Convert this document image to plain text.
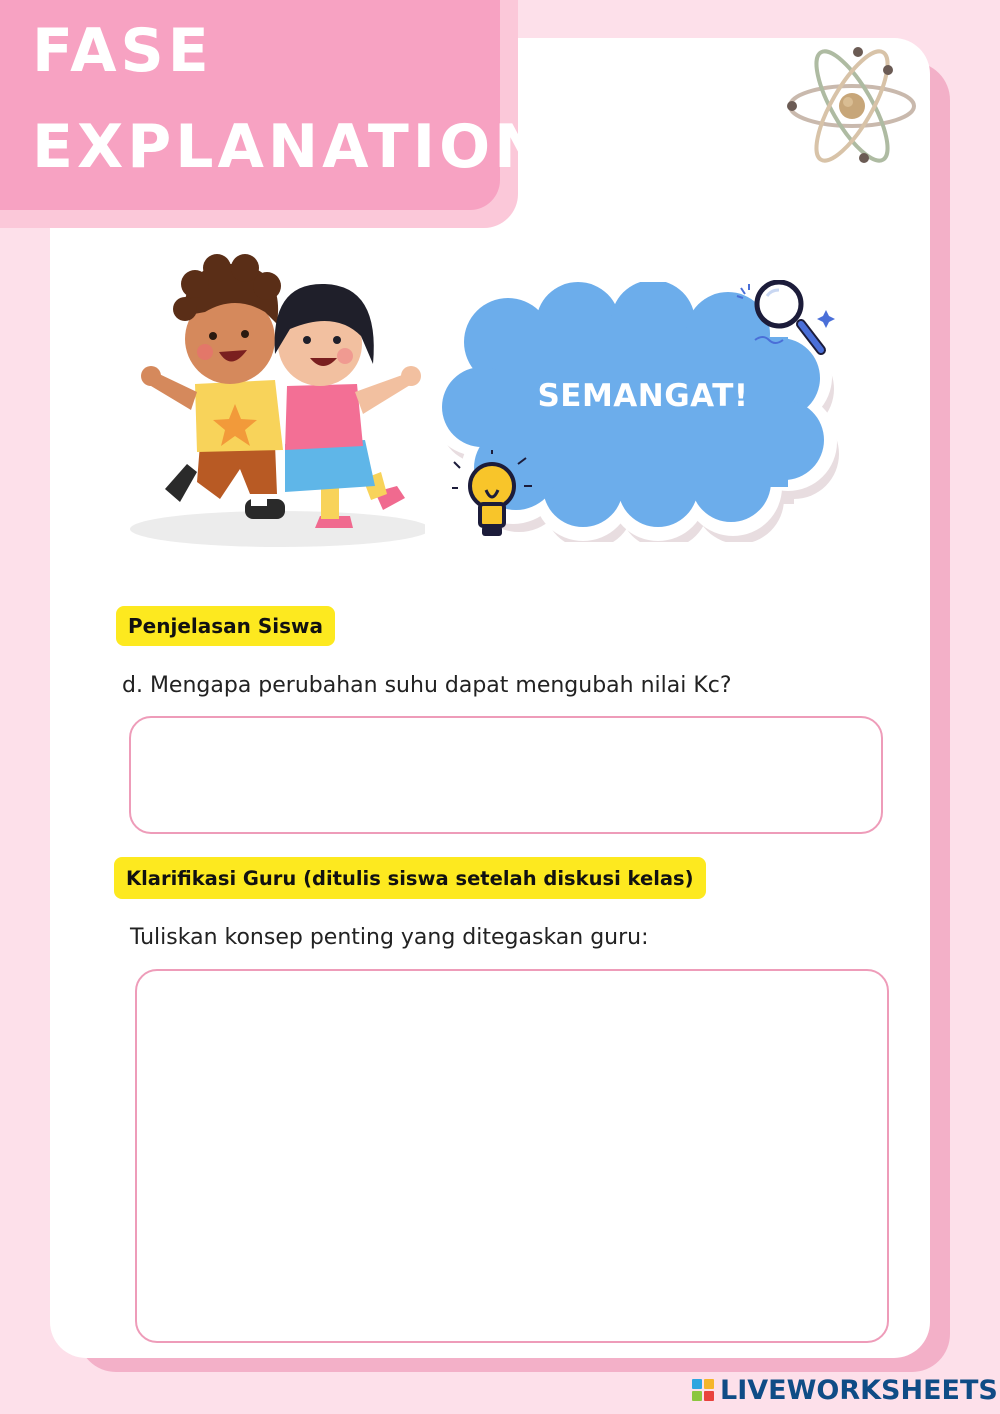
FASE
EXPLANATION
SEMANGAT!
Penjelasan Siswa
d. Mengapa perubahan suhu dapat mengubah nilai Kc?
Klarifikasi Guru (ditulis siswa setelah diskusi kelas)
Tuliskan konsep penting yang ditegaskan guru:
LIVEWORKSHEETS
